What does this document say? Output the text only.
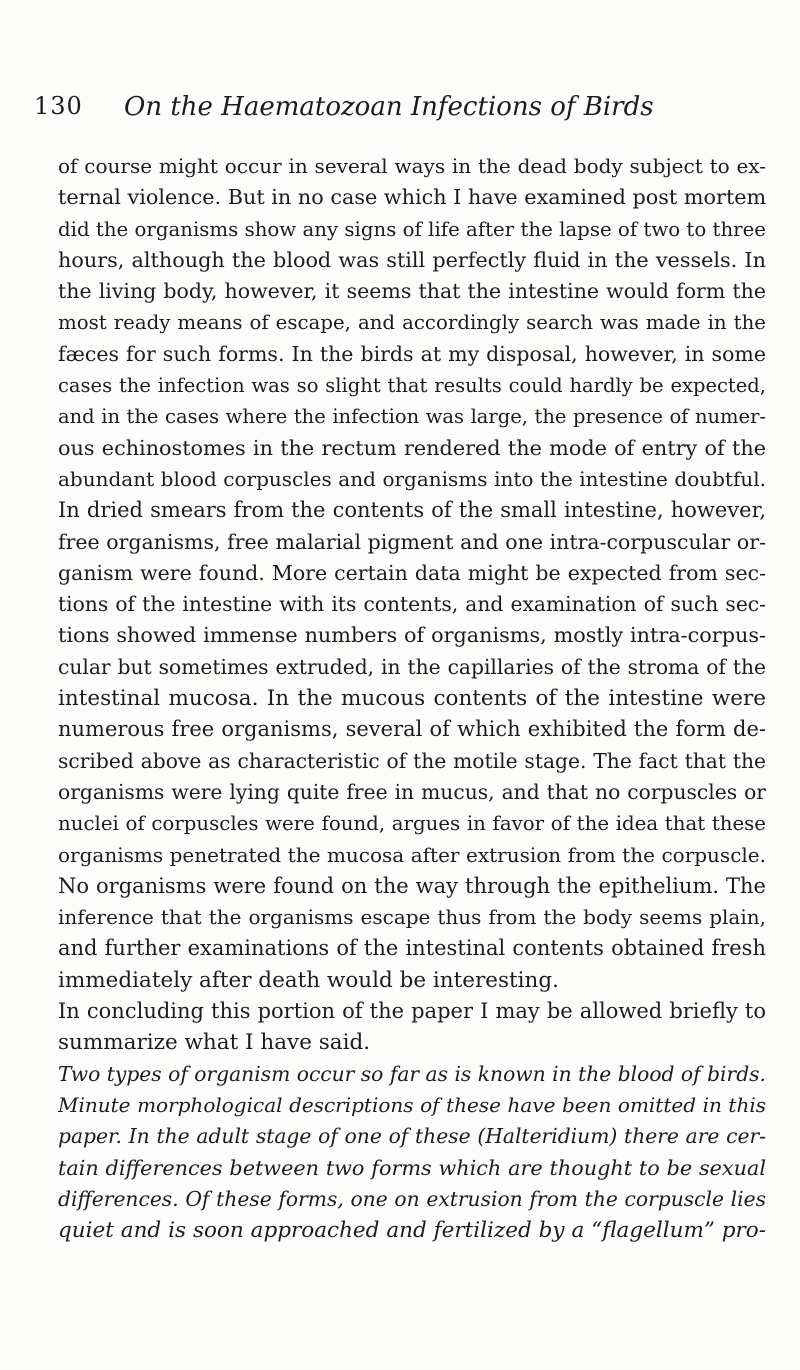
130 On the Haematozoan Infections of Birds
of course might occur in several ways in the dead body subject to ex-
ternal violence. But in no case which I have examined post mortem
did the organisms show any signs of life after the lapse of two to three
hours, although the blood was still perfectly fluid in the vessels. In
the living body, however, it seems that the intestine would form the
most ready means of escape, and accordingly search was made in the
fæces for such forms. In the birds at my disposal, however, in some
cases the infection was so slight that results could hardly be expected,
and in the cases where the infection was large, the presence of numer-
ous echinostomes in the rectum rendered the mode of entry of the
abundant blood corpuscles and organisms into the intestine doubtful.
In dried smears from the contents of the small intestine, however,
free organisms, free malarial pigment and one intra-corpuscular or-
ganism were found. More certain data might be expected from sec-
tions of the intestine with its contents, and examination of such sec-
tions showed immense numbers of organisms, mostly intra-corpus-
cular but sometimes extruded, in the capillaries of the stroma of the
intestinal mucosa. In the mucous contents of the intestine were
numerous free organisms, several of which exhibited the form de-
scribed above as characteristic of the motile stage. The fact that the
organisms were lying quite free in mucus, and that no corpuscles or
nuclei of corpuscles were found, argues in favor of the idea that these
organisms penetrated the mucosa after extrusion from the corpuscle.
No organisms were found on the way through the epithelium. The
inference that the organisms escape thus from the body seems plain,
and further examinations of the intestinal contents obtained fresh
immediately after death would be interesting.
In concluding this portion of the paper I may be allowed briefly to
summarize what I have said.
Two types of organism occur so far as is known in the blood of birds.
Minute morphological descriptions of these have been omitted in this
paper. In the adult stage of one of these (Halteridium) there are cer-
tain differences between two forms which are thought to be sexual
differences. Of these forms, one on extrusion from the corpuscle lies
quiet and is soon approached and fertilized by a “flagellum” pro-
